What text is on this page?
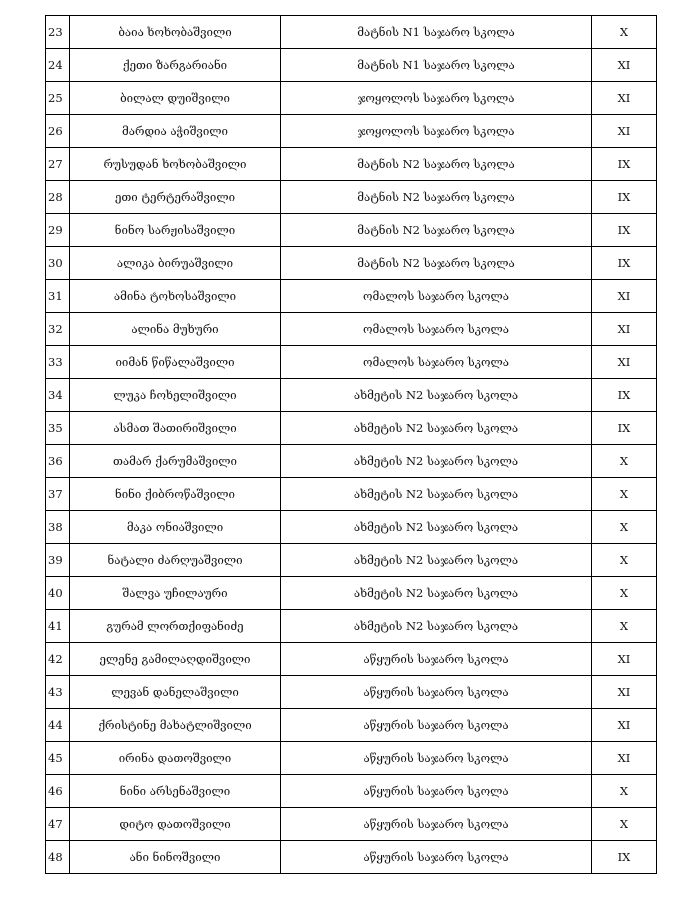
23	ბაია ხოხობაშვილი	მატნის N1 საჯარო სკოლა	X
24	ქეთი ზარგარიანი	მატნის N1 საჯარო სკოლა	XI
25	ბილალ დუიშვილი	ჯოყოლოს საჯარო სკოლა	XI
26	მარდია აჭიშვილი	ჯოყოლოს საჯარო სკოლა	XI
27	რუსუდან ხოხობაშვილი	მატნის N2 საჯარო სკოლა	IX
28	ეთი ტერტერაშვილი	მატნის N2 საჯარო სკოლა	IX
29	ნინო სარჟისაშვილი	მატნის N2 საჯარო სკოლა	IX
30	ალიკა ბირუაშვილი	მატნის N2 საჯარო სკოლა	IX
31	ამინა ტოხოსაშვილი	ომალოს საჯარო სკოლა	XI
32	ალინა მუხური	ომალოს საჯარო სკოლა	XI
33	იიმან წიწალაშვილი	ომალოს საჯარო სკოლა	XI
34	ლუკა ჩოხელიშვილი	ახმეტის N2 საჯარო სკოლა	IX
35	ასმათ შათირიშვილი	ახმეტის N2 საჯარო სკოლა	IX
36	თამარ ქარუმაშვილი	ახმეტის N2 საჯარო სკოლა	X
37	ნინი ქიბროწაშვილი	ახმეტის N2 საჯარო სკოლა	X
38	მაკა ონიაშვილი	ახმეტის N2 საჯარო სკოლა	X
39	ნატალი ძარღუაშვილი	ახმეტის N2 საჯარო სკოლა	X
40	შალვა უჩილაური	ახმეტის N2 საჯარო სკოლა	X
41	გურამ ლორთქიფანიძე	ახმეტის N2 საჯარო სკოლა	X
42	ელენე გამილაღდიშვილი	აწყურის საჯარო სკოლა	XI
43	ლევან დანელაშვილი	აწყურის საჯარო სკოლა	XI
44	ქრისტინე მახატლიშვილი	აწყურის საჯარო სკოლა	XI
45	ირინა დათოშვილი	აწყურის საჯარო სკოლა	XI
46	ნინი არსენაშვილი	აწყურის საჯარო სკოლა	X
47	დიტო დათოშვილი	აწყურის საჯარო სკოლა	X
48	ანი ნინოშვილი	აწყურის საჯარო სკოლა	IX
